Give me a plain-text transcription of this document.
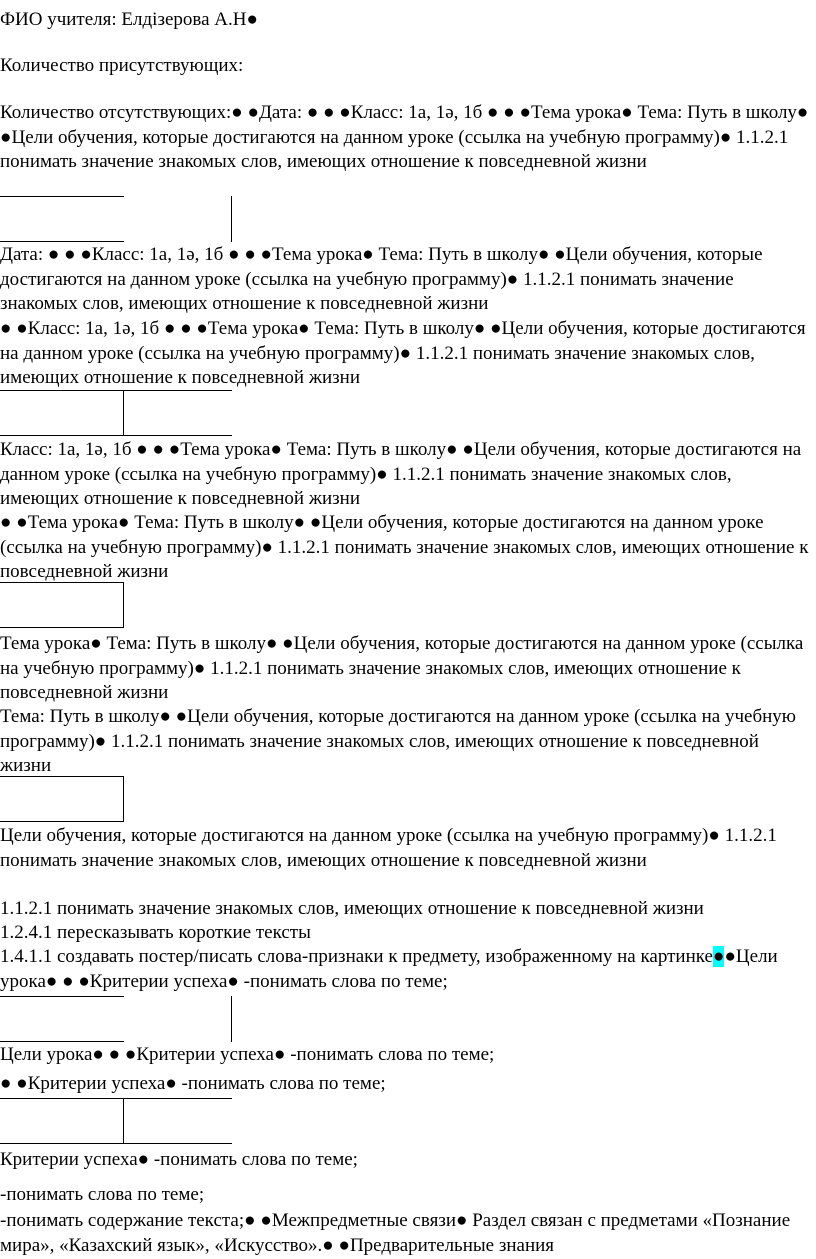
ФИО учителя: Елдізерова А.Н●

Количество присутствующих:

Количество отсутствующих:● ●Дата: ● ● ●Класс: 1а, 1ә, 1б ● ● ●Тема урока● Тема: Путь в школу● ●Цели обучения, которые достигаются на данном уроке (ссылка на учебную программу)● 1.1.2.1 понимать значение знакомых слов, имеющих отношение к повседневной жизни

Дата: ● ● ●Класс: 1а, 1ә, 1б ● ● ●Тема урока● Тема: Путь в школу● ●Цели обучения, которые достигаются на данном уроке (ссылка на учебную программу)● 1.1.2.1 понимать значение знакомых слов, имеющих отношение к повседневной жизни

● ●Класс: 1а, 1ә, 1б ● ● ●Тема урока● Тема: Путь в школу● ●Цели обучения, которые достигаются на данном уроке (ссылка на учебную программу)● 1.1.2.1 понимать значение знакомых слов, имеющих отношение к повседневной жизни

Класс: 1а, 1ә, 1б ● ● ●Тема урока● Тема: Путь в школу● ●Цели обучения, которые достигаются на данном уроке (ссылка на учебную программу)● 1.1.2.1 понимать значение знакомых слов, имеющих отношение к повседневной жизни

● ●Тема урока● Тема: Путь в школу● ●Цели обучения, которые достигаются на данном уроке (ссылка на учебную программу)● 1.1.2.1 понимать значение знакомых слов, имеющих отношение к повседневной жизни

Тема урока● Тема: Путь в школу● ●Цели обучения, которые достигаются на данном уроке (ссылка на учебную программу)● 1.1.2.1 понимать значение знакомых слов, имеющих отношение к повседневной жизни

Тема: Путь в школу● ●Цели обучения, которые достигаются на данном уроке (ссылка на учебную программу)● 1.1.2.1 понимать значение знакомых слов, имеющих отношение к повседневной жизни

Цели обучения, которые достигаются на данном уроке (ссылка на учебную программу)● 1.1.2.1 понимать значение знакомых слов, имеющих отношение к повседневной жизни

1.1.2.1 понимать значение знакомых слов, имеющих отношение к повседневной жизни

1.2.4.1 пересказывать короткие тексты

1.4.1.1 создавать постер/писать слова-признаки к предмету, изображенному на картинке●●Цели урока● ● ●Критерии успеха● -понимать слова по теме;

Цели урока● ● ●Критерии успеха● -понимать слова по теме;

● ●Критерии успеха● -понимать слова по теме;

Критерии успеха● -понимать слова по теме;

-понимать слова по теме;

-понимать содержание текста;● ●Межпредметные связи● Раздел связан с предметами «Познание мира», «Казахский язык», «Искусство».● ●Предварительные знания
